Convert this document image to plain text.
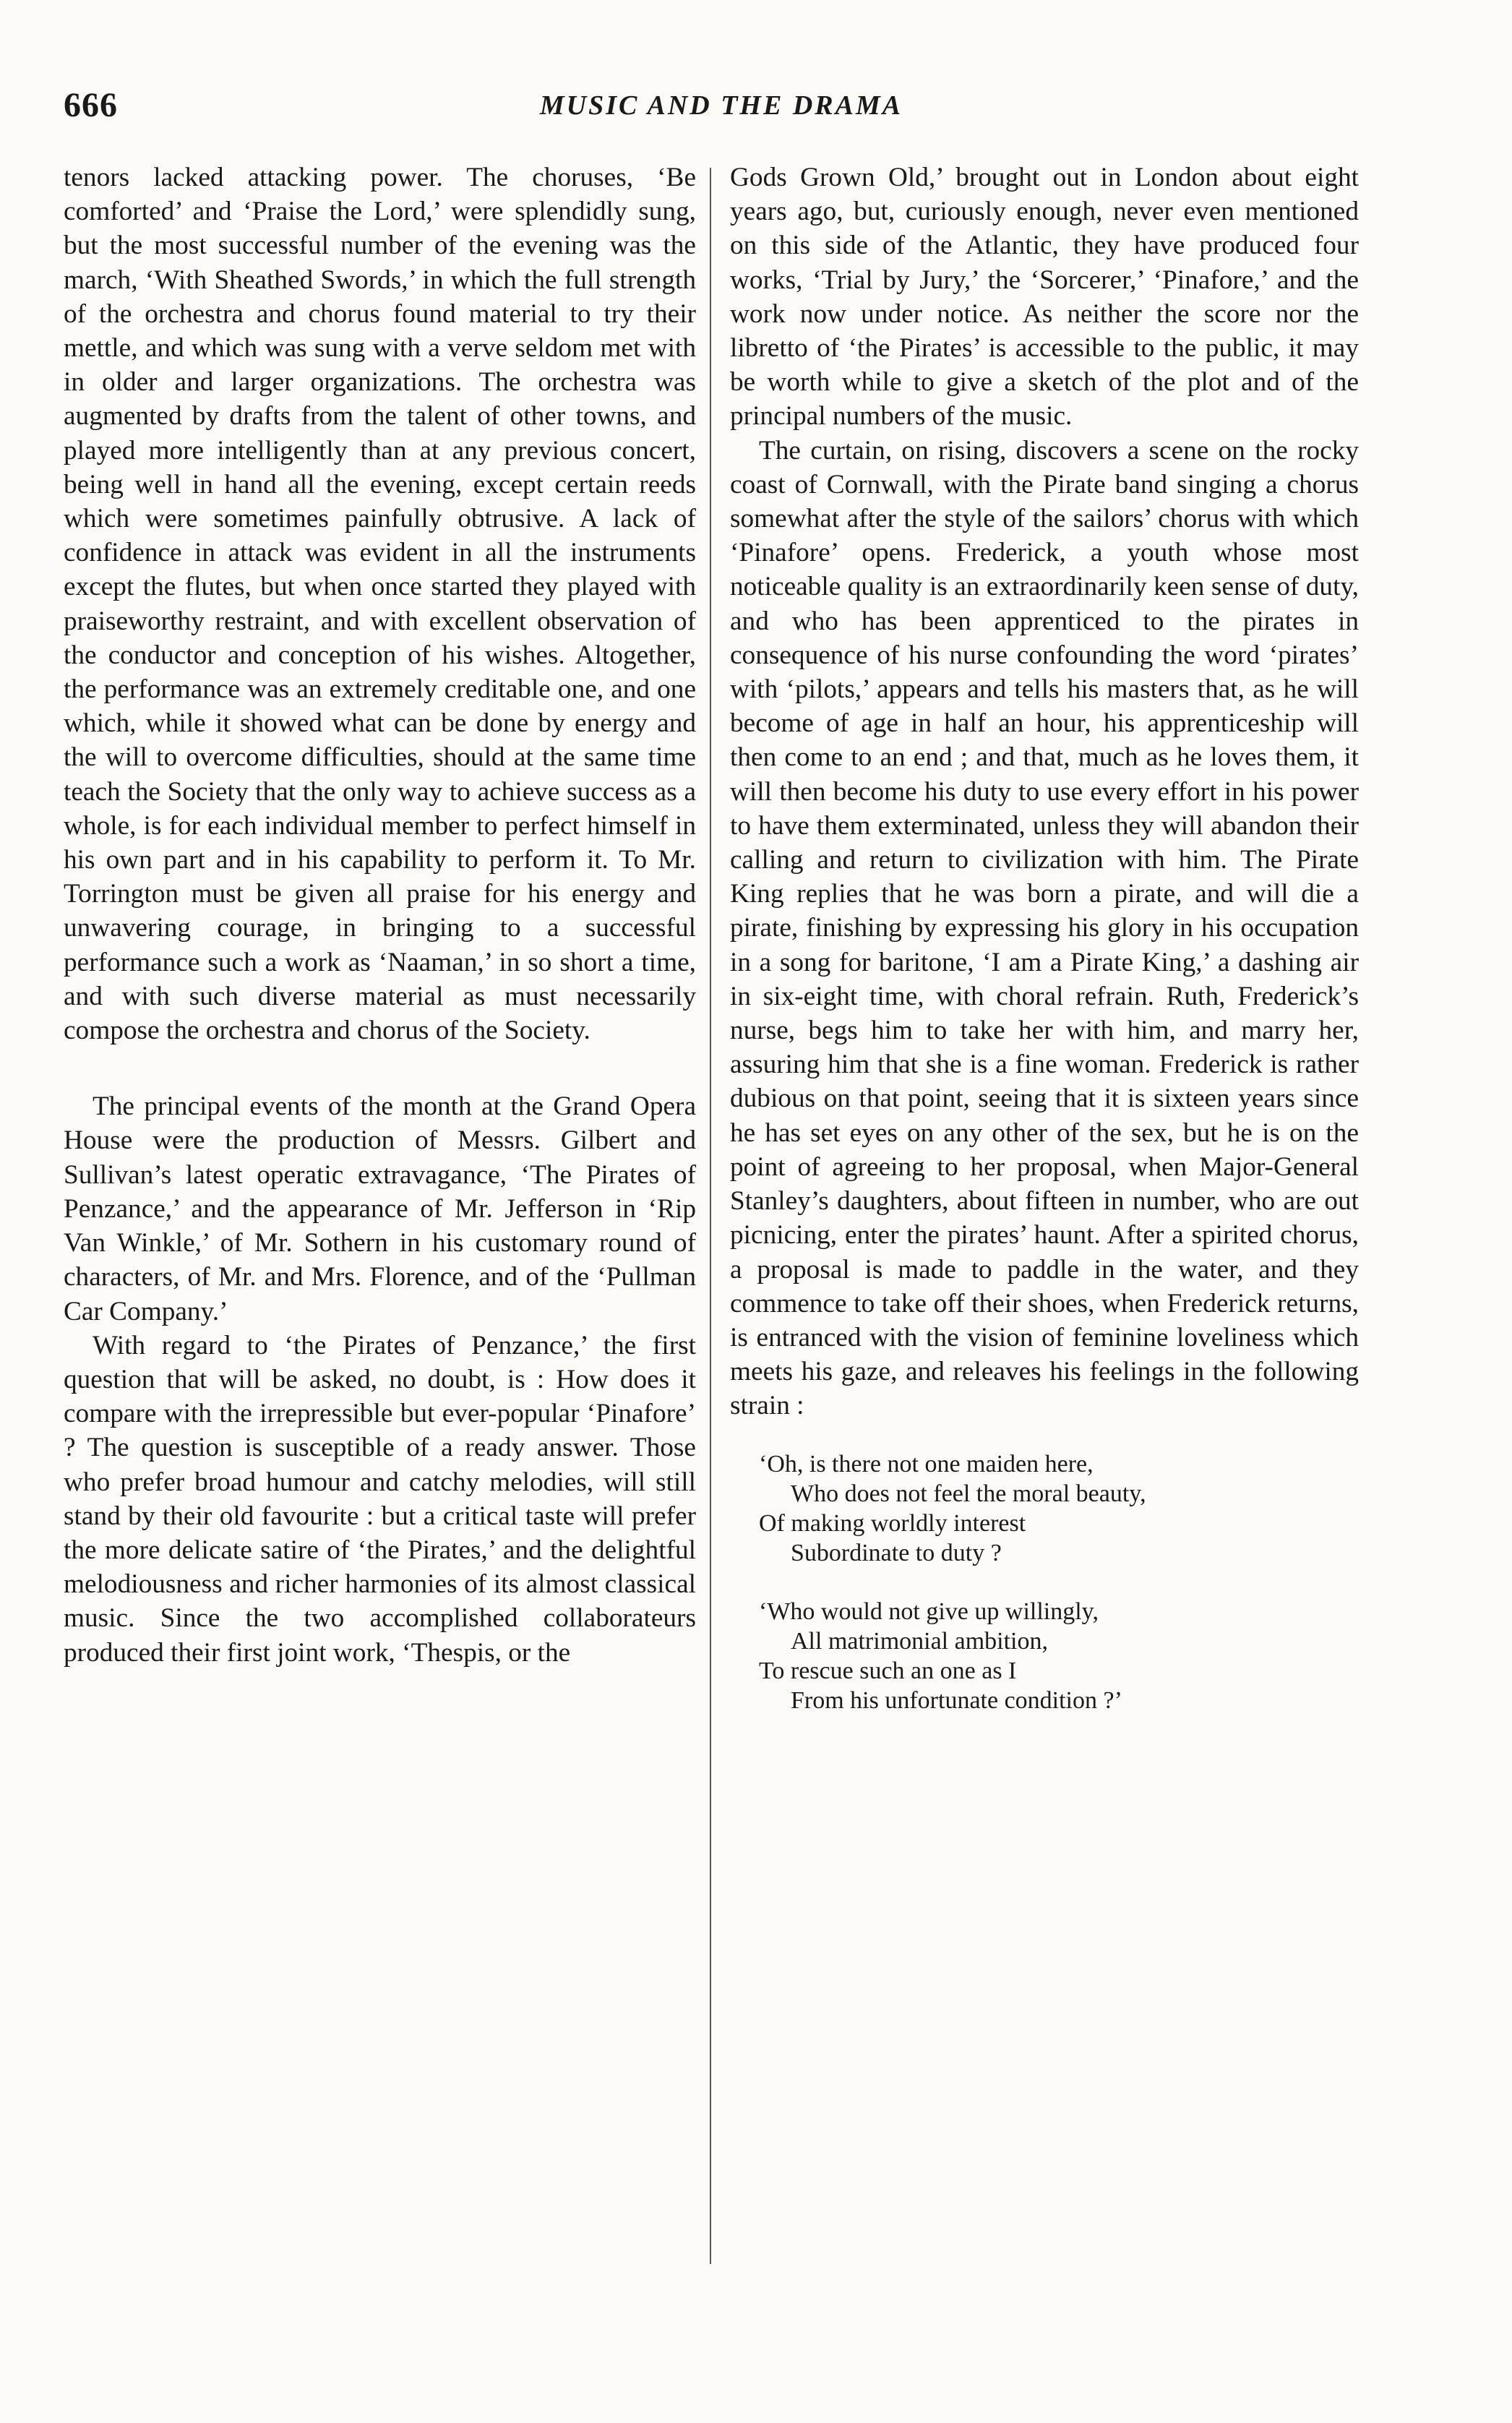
666	MUSIC AND THE DRAMA

tenors lacked attacking power. The choruses, ‘Be comforted’ and ‘Praise the Lord,’ were splendidly sung, but the most successful number of the evening was the march, ‘With Sheathed Swords,’ in which the full strength of the orchestra and chorus found material to try their mettle, and which was sung with a verve seldom met with in older and larger organizations. The orchestra was augmented by drafts from the talent of other towns, and played more intelligently than at any previous concert, being well in hand all the evening, except certain reeds which were sometimes painfully obtrusive. A lack of confidence in attack was evident in all the instruments except the flutes, but when once started they played with praiseworthy restraint, and with excellent observation of the conductor and conception of his wishes. Altogether, the performance was an extremely creditable one, and one which, while it showed what can be done by energy and the will to overcome difficulties, should at the same time teach the Society that the only way to achieve success as a whole, is for each individual member to perfect himself in his own part and in his capability to perform it. To Mr. Torrington must be given all praise for his energy and unwavering courage, in bringing to a successful performance such a work as ‘Naaman,’ in so short a time, and with such diverse material as must necessarily compose the orchestra and chorus of the Society.

The principal events of the month at the Grand Opera House were the production of Messrs. Gilbert and Sullivan’s latest operatic extravagance, ‘The Pirates of Penzance,’ and the appearance of Mr. Jefferson in ‘Rip Van Winkle,’ of Mr. Sothern in his customary round of characters, of Mr. and Mrs. Florence, and of the ‘Pullman Car Company.’

With regard to ‘the Pirates of Penzance,’ the first question that will be asked, no doubt, is : How does it compare with the irrepressible but ever-popular ‘Pinafore’ ? The question is susceptible of a ready answer. Those who prefer broad humour and catchy melodies, will still stand by their old favourite : but a critical taste will prefer the more delicate satire of ‘the Pirates,’ and the delightful melodiousness and richer harmonies of its almost classical music. Since the two accomplished collaborateurs produced their first joint work, ‘Thespis, or the

Gods Grown Old,’ brought out in London about eight years ago, but, curiously enough, never even mentioned on this side of the Atlantic, they have produced four works, ‘Trial by Jury,’ the ‘Sorcerer,’ ‘Pinafore,’ and the work now under notice. As neither the score nor the libretto of ‘the Pirates’ is accessible to the public, it may be worth while to give a sketch of the plot and of the principal numbers of the music.

The curtain, on rising, discovers a scene on the rocky coast of Cornwall, with the Pirate band singing a chorus somewhat after the style of the sailors’ chorus with which ‘Pinafore’ opens. Frederick, a youth whose most noticeable quality is an extraordinarily keen sense of duty, and who has been apprenticed to the pirates in consequence of his nurse confounding the word ‘pirates’ with ‘pilots,’ appears and tells his masters that, as he will become of age in half an hour, his apprenticeship will then come to an end ; and that, much as he loves them, it will then become his duty to use every effort in his power to have them exterminated, unless they will abandon their calling and return to civilization with him. The Pirate King replies that he was born a pirate, and will die a pirate, finishing by expressing his glory in his occupation in a song for baritone, ‘I am a Pirate King,’ a dashing air in six-eight time, with choral refrain. Ruth, Frederick’s nurse, begs him to take her with him, and marry her, assuring him that she is a fine woman. Frederick is rather dubious on that point, seeing that it is sixteen years since he has set eyes on any other of the sex, but he is on the point of agreeing to her proposal, when Major-General Stanley’s daughters, about fifteen in number, who are out picnicing, enter the pirates’ haunt. After a spirited chorus, a proposal is made to paddle in the water, and they commence to take off their shoes, when Frederick returns, is entranced with the vision of feminine loveliness which meets his gaze, and releaves his feelings in the following strain :

‘Oh, is there not one maiden here,
Who does not feel the moral beauty,
Of making worldly interest
Subordinate to duty ?
‘Who would not give up willingly,
All matrimonial ambition,
To rescue such an one as I
From his unfortunate condition ?’
